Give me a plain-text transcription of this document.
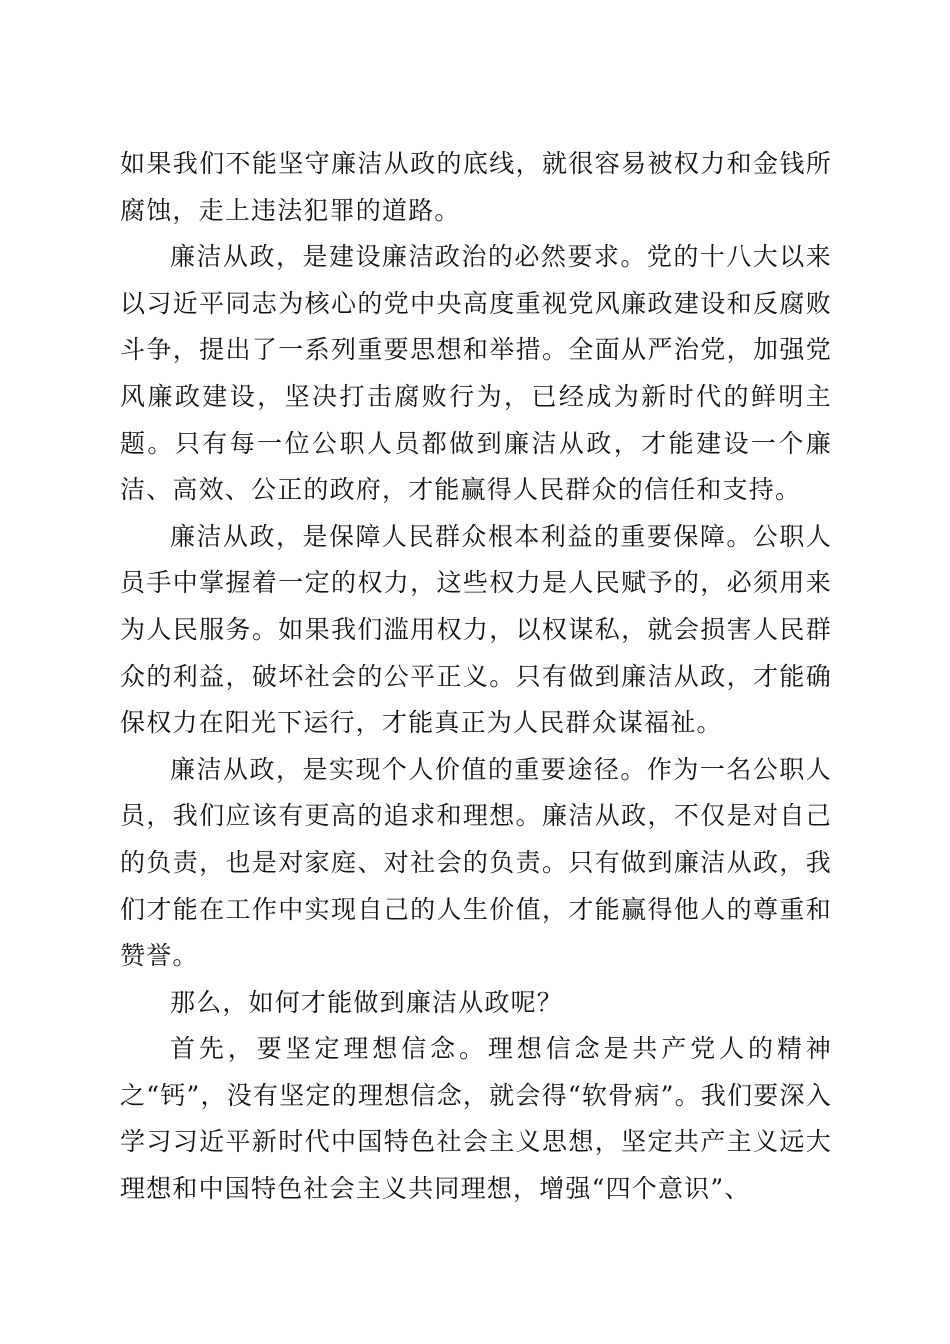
如果我们不能坚守廉洁从政的底线，就很容易被权力和金钱所腐蚀，走上违法犯罪的道路。

廉洁从政，是建设廉洁政治的必然要求。党的十八大以来以习近平同志为核心的党中央高度重视党风廉政建设和反腐败斗争，提出了一系列重要思想和举措。全面从严治党，加强党风廉政建设，坚决打击腐败行为，已经成为新时代的鲜明主题。只有每一位公职人员都做到廉洁从政，才能建设一个廉洁、高效、公正的政府，才能赢得人民群众的信任和支持。

廉洁从政，是保障人民群众根本利益的重要保障。公职人员手中掌握着一定的权力，这些权力是人民赋予的，必须用来为人民服务。如果我们滥用权力，以权谋私，就会损害人民群众的利益，破坏社会的公平正义。只有做到廉洁从政，才能确保权力在阳光下运行，才能真正为人民群众谋福祉。

廉洁从政，是实现个人价值的重要途径。作为一名公职人员，我们应该有更高的追求和理想。廉洁从政，不仅是对自己的负责，也是对家庭、对社会的负责。只有做到廉洁从政，我们才能在工作中实现自己的人生价值，才能赢得他人的尊重和赞誉。

那么，如何才能做到廉洁从政呢？

首先，要坚定理想信念。理想信念是共产党人的精神之“钙”，没有坚定的理想信念，就会得“软骨病”。我们要深入学习习近平新时代中国特色社会主义思想，坚定共产主义远大理想和中国特色社会主义共同理想，增强“四个意识”、
